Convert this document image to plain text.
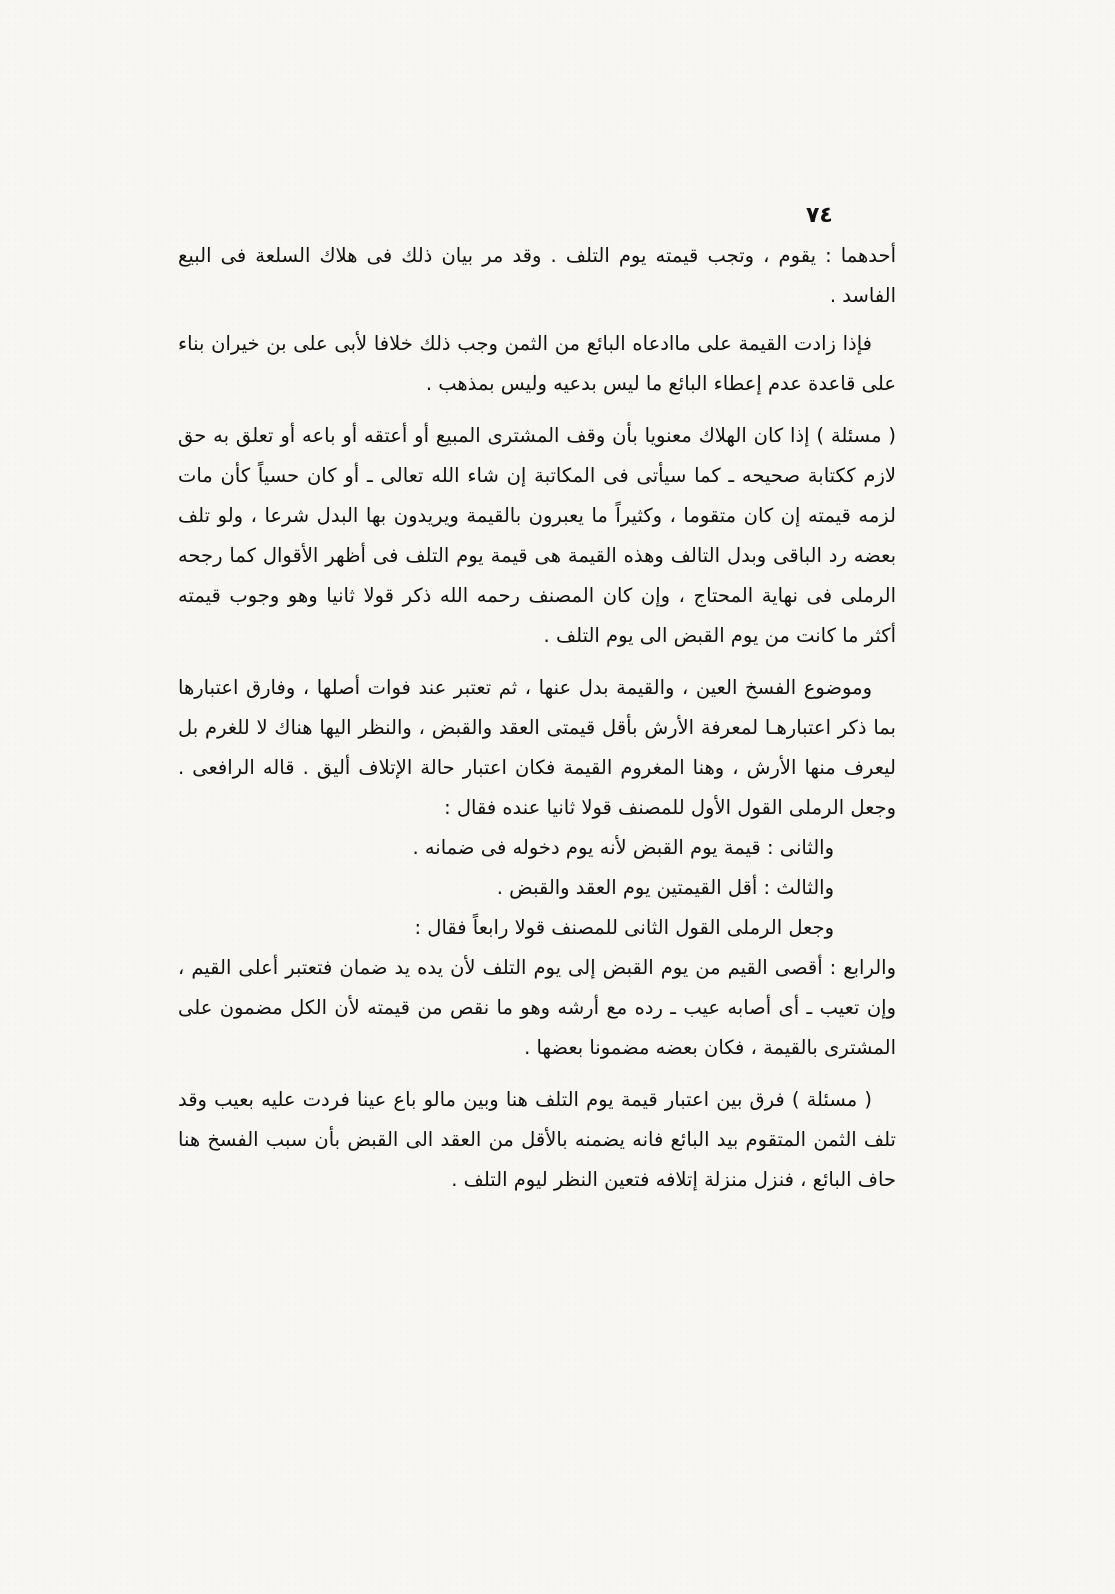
٧٤

أحدهما : يقوم ، وتجب قيمته يوم التلف . وقد مر بيان ذلك فى هلاك السلعة فى البيع الفاسد .

فإذا زادت القيمة على ماادعاه البائع من الثمن وجب ذلك خلافا لأبى على بن خيران بناء على قاعدة عدم إعطاء البائع ما ليس بدعيه وليس بمذهب .

( مسئلة ) إذا كان الهلاك معنويا بأن وقف المشترى المبيع أو أعتقه أو باعه أو تعلق به حق لازم ككتابة صحيحه ـ كما سيأتى فى المكاتبة إن شاء الله تعالى ـ أو كان حسياً كأن مات لزمه قيمته إن كان متقوما ، وكثيراً ما يعبرون بالقيمة ويريدون بها البدل شرعا ، ولو تلف بعضه رد الباقى وبدل التالف وهذه القيمة هى قيمة يوم التلف فى أظهر الأقوال كما رجحه الرملى فى نهاية المحتاج ، وإن كان المصنف رحمه الله ذكر قولا ثانيا وهو وجوب قيمته أكثر ما كانت من يوم القبض الى يوم التلف .

وموضوع الفسخ العين ، والقيمة بدل عنها ، ثم تعتبر عند فوات أصلها ، وفارق اعتبارها بما ذكر اعتبارهـا لمعرفة الأرش بأقل قيمتى العقد والقبض ، والنظر اليها هناك لا للغرم بل ليعرف منها الأرش ، وهنا المغروم القيمة فكان اعتبار حالة الإتلاف أليق . قاله الرافعى . وجعل الرملى القول الأول للمصنف قولا ثانيا عنده فقال :

والثانى : قيمة يوم القبض لأنه يوم دخوله فى ضمانه .

والثالث : أقل القيمتين يوم العقد والقبض .

وجعل الرملى القول الثانى للمصنف قولا رابعاً فقال :

والرابع : أقصى القيم من يوم القبض إلى يوم التلف لأن يده يد ضمان فتعتبر أعلى القيم ، وإن تعيب ـ أى أصابه عيب ـ رده مع أرشه وهو ما نقص من قيمته لأن الكل مضمون على المشترى بالقيمة ، فكان بعضه مضمونا بعضها .

( مسئلة ) فرق بين اعتبار قيمة يوم التلف هنا وبين مالو باع عينا فردت عليه بعيب وقد تلف الثمن المتقوم بيد البائع فانه يضمنه بالأقل من العقد الى القبض بأن سبب الفسخ هنا حاف البائع ، فنزل منزلة إتلافه فتعين النظر ليوم التلف .
